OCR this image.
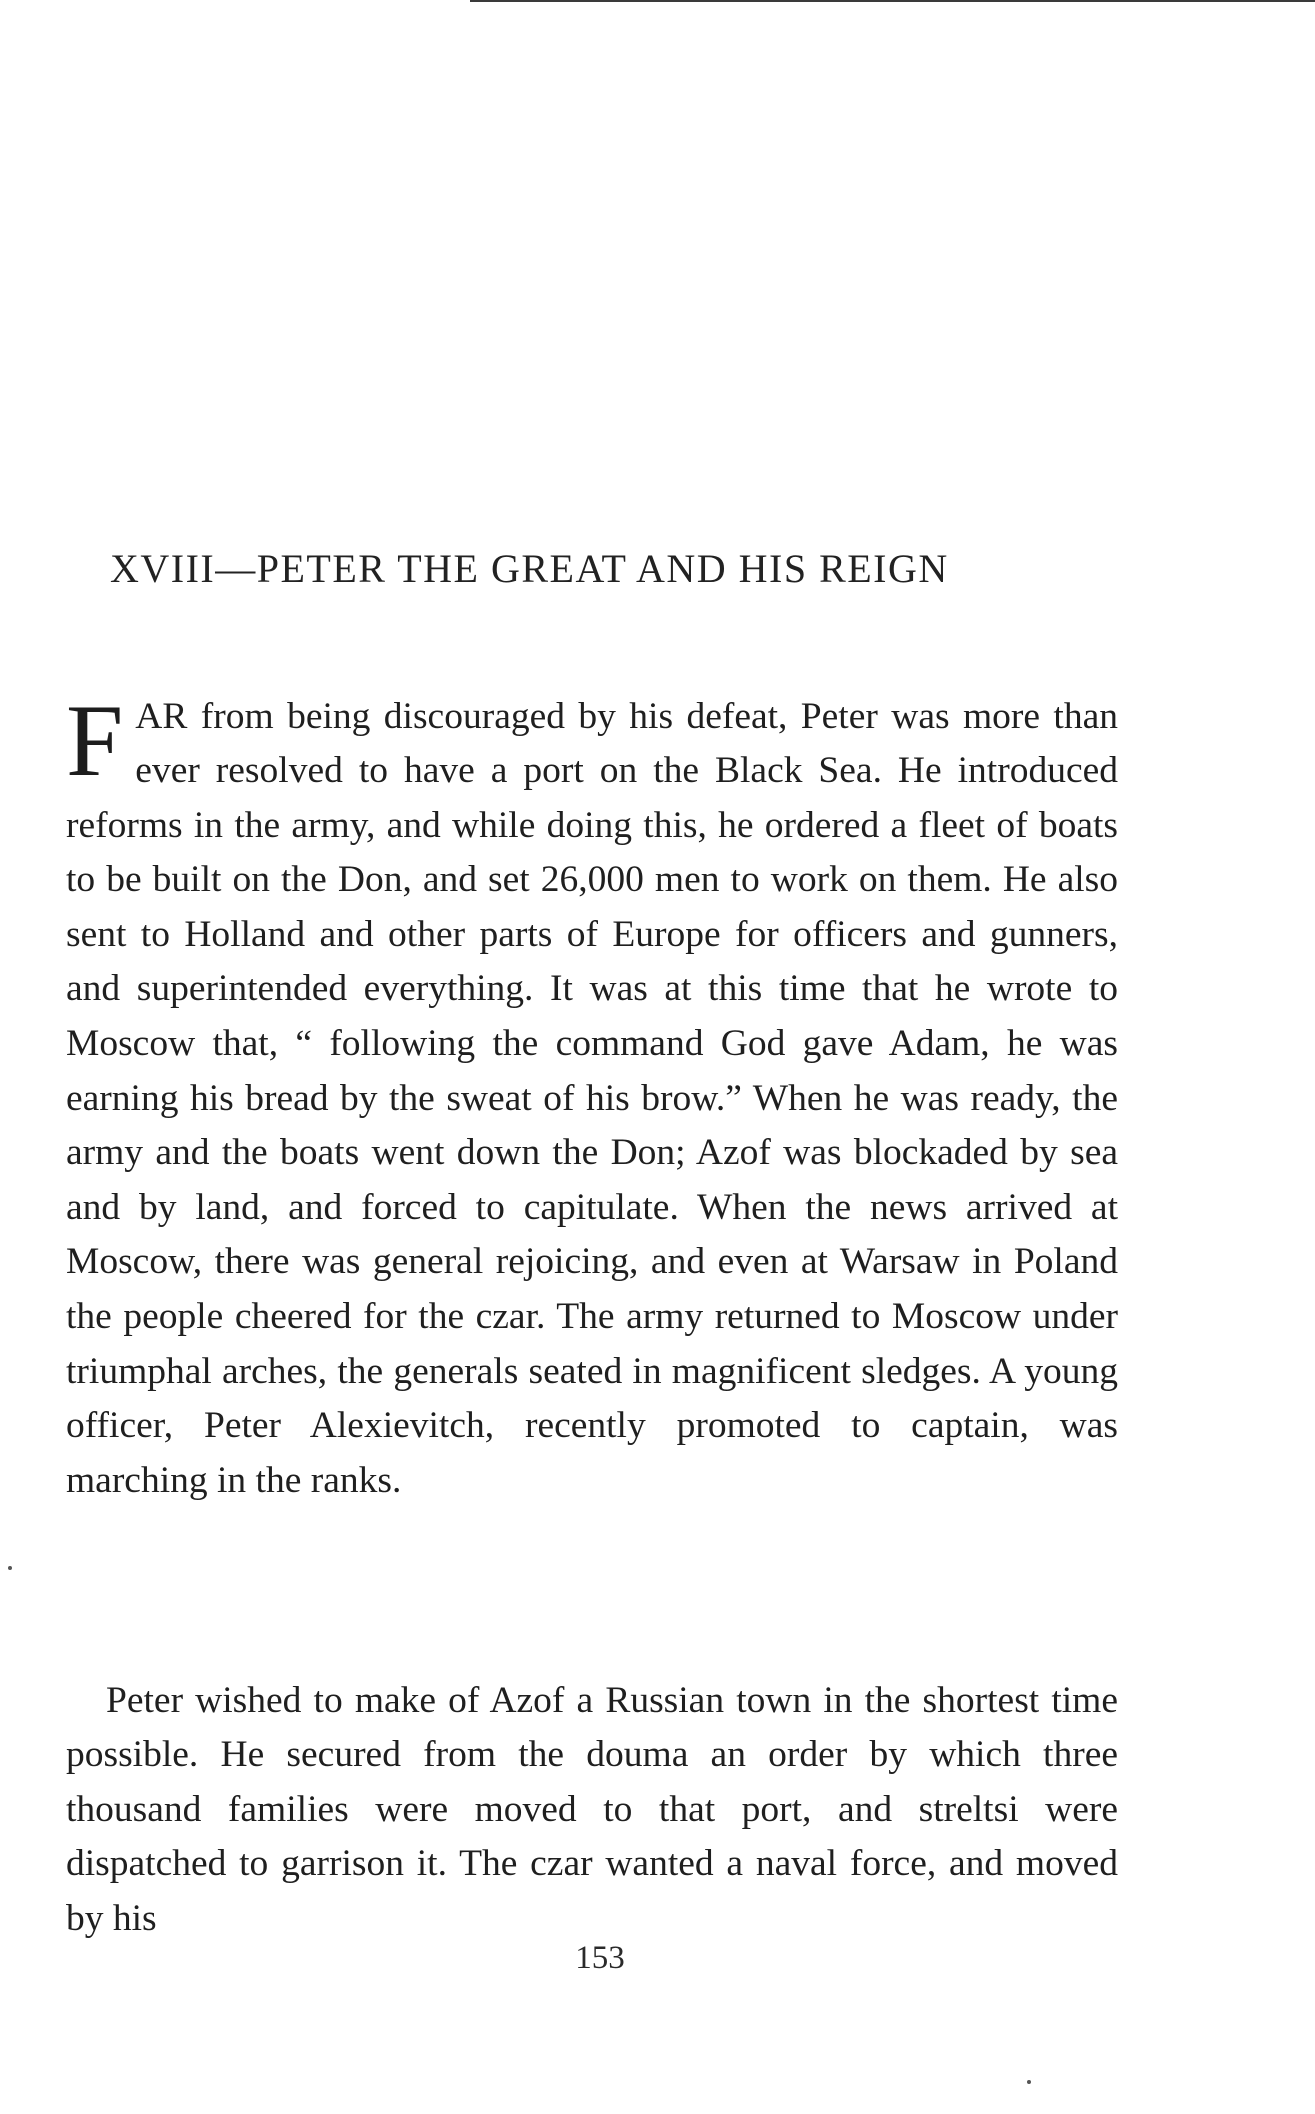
XVIII—PETER THE GREAT AND HIS REIGN

FAR from being discouraged by his defeat, Peter was more than ever resolved to have a port on the Black Sea. He introduced reforms in the army, and while doing this, he ordered a fleet of boats to be built on the Don, and set 26,000 men to work on them. He also sent to Holland and other parts of Europe for officers and gunners, and superintended everything. It was at this time that he wrote to Moscow that, “ following the command God gave Adam, he was earning his bread by the sweat of his brow.” When he was ready, the army and the boats went down the Don; Azof was blockaded by sea and by land, and forced to capitulate. When the news arrived at Moscow, there was general rejoicing, and even at Warsaw in Poland the people cheered for the czar. The army returned to Moscow under triumphal arches, the generals seated in magnificent sledges. A young officer, Peter Alexievitch, recently promoted to captain, was marching in the ranks.

Peter wished to make of Azof a Russian town in the shortest time possible. He secured from the douma an order by which three thousand families were moved to that port, and streltsi were dispatched to garrison it. The czar wanted a naval force, and moved by his

153
